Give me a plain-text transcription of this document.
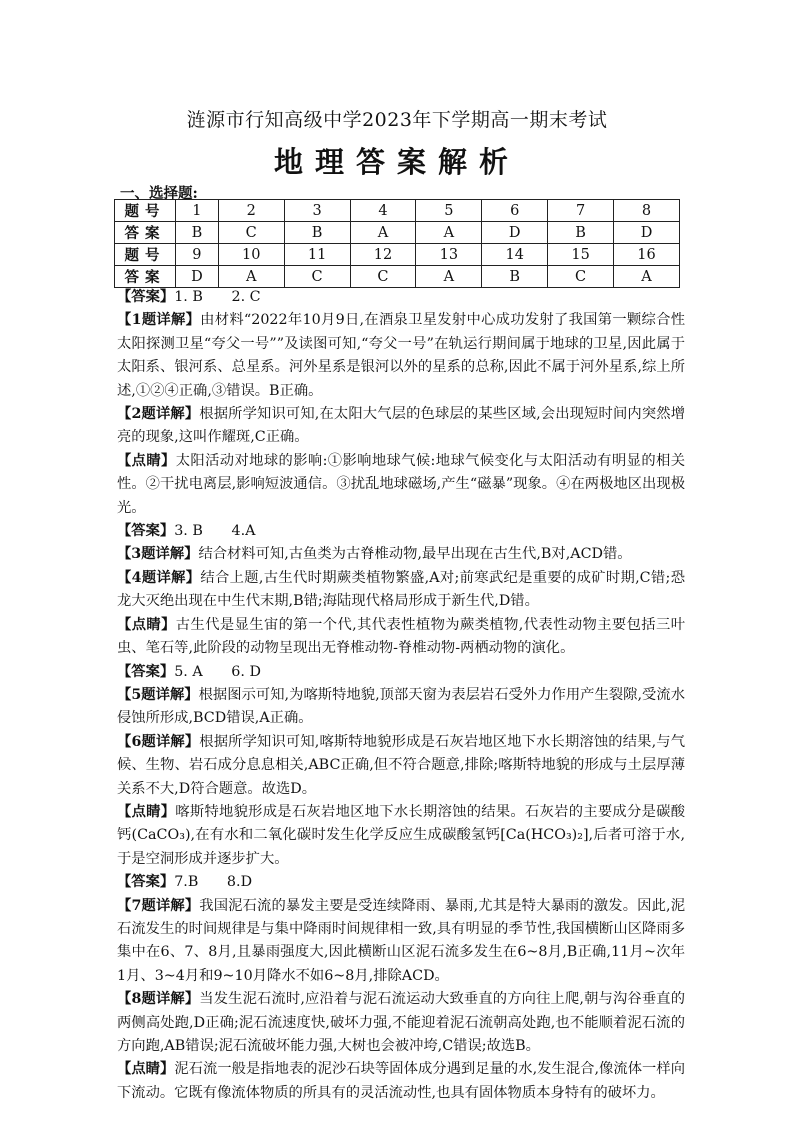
涟源市行知高级中学2023年下学期高一期末考试
地理答案解析
一、选择题:
题号	1	2	3	4	5	6	7	8
答案	B	C	B	A	A	D	B	D
题号	9	10	11	12	13	14	15	16
答案	D	A	C	C	A	B	C	A

【答案】1. B　　2. C

【1题详解】由材料“2022年10月9日,在酒泉卫星发射中心成功发射了我国第一颗综合性太阳探测卫星“夸父一号””及读图可知,“夸父一号”在轨运行期间属于地球的卫星,因此属于太阳系、银河系、总星系。河外星系是银河以外的星系的总称,因此不属于河外星系,综上所述,①②④正确,③错误。B正确。

【2题详解】根据所学知识可知,在太阳大气层的色球层的某些区域,会出现短时间内突然增亮的现象,这叫作耀斑,C正确。

【点睛】太阳活动对地球的影响:①影响地球气候:地球气候变化与太阳活动有明显的相关性。②干扰电离层,影响短波通信。③扰乱地球磁场,产生“磁暴”现象。④在两极地区出现极光。

【答案】3. B　　4.A

【3题详解】结合材料可知,古鱼类为古脊椎动物,最早出现在古生代,B对,ACD错。

【4题详解】结合上题,古生代时期蕨类植物繁盛,A对;前寒武纪是重要的成矿时期,C错;恐龙大灭绝出现在中生代末期,B错;海陆现代格局形成于新生代,D错。

【点睛】古生代是显生宙的第一个代,其代表性植物为蕨类植物,代表性动物主要包括三叶虫、笔石等,此阶段的动物呈现出无脊椎动物-脊椎动物-两栖动物的演化。

【答案】5. A　　6. D

【5题详解】根据图示可知,为喀斯特地貌,顶部天窗为表层岩石受外力作用产生裂隙,受流水侵蚀所形成,BCD错误,A正确。

【6题详解】根据所学知识可知,喀斯特地貌形成是石灰岩地区地下水长期溶蚀的结果,与气候、生物、岩石成分息息相关,ABC正确,但不符合题意,排除;喀斯特地貌的形成与土层厚薄关系不大,D符合题意。故选D。

【点睛】喀斯特地貌形成是石灰岩地区地下水长期溶蚀的结果。石灰岩的主要成分是碳酸钙(CaCO₃),在有水和二氧化碳时发生化学反应生成碳酸氢钙[Ca(HCO₃)₂],后者可溶于水,于是空洞形成并逐步扩大。

【答案】7.B　　8.D

【7题详解】我国泥石流的暴发主要是受连续降雨、暴雨,尤其是特大暴雨的激发。因此,泥石流发生的时间规律是与集中降雨时间规律相一致,具有明显的季节性,我国横断山区降雨多集中在6、7、8月,且暴雨强度大,因此横断山区泥石流多发生在6~8月,B正确,11月~次年1月、3~4月和9~10月降水不如6~8月,排除ACD。

【8题详解】当发生泥石流时,应沿着与泥石流运动大致垂直的方向往上爬,朝与沟谷垂直的两侧高处跑,D正确;泥石流速度快,破坏力强,不能迎着泥石流朝高处跑,也不能顺着泥石流的方向跑,AB错误;泥石流破坏能力强,大树也会被冲垮,C错误;故选B。

【点睛】泥石流一般是指地表的泥沙石块等固体成分遇到足量的水,发生混合,像流体一样向下流动。它既有像流体物质的所具有的灵活流动性,也具有固体物质本身特有的破坏力。
